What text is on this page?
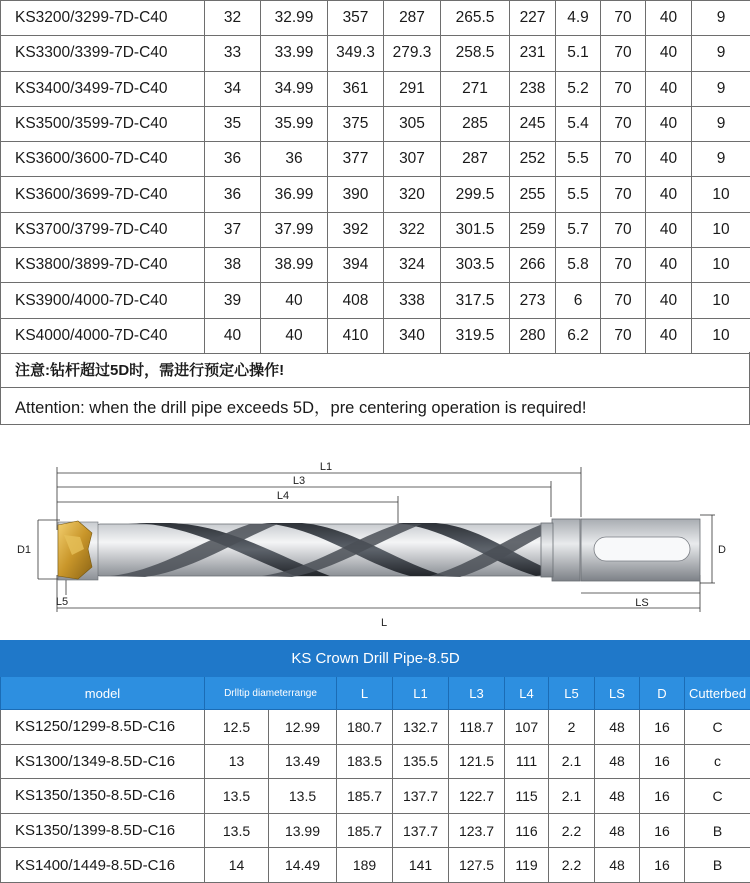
KS3200/3299-7D-C40	32	32.99	357	287	265.5	227	4.9	70	40	9
KS3300/3399-7D-C40	33	33.99	349.3	279.3	258.5	231	5.1	70	40	9
KS3400/3499-7D-C40	34	34.99	361	291	271	238	5.2	70	40	9
KS3500/3599-7D-C40	35	35.99	375	305	285	245	5.4	70	40	9
KS3600/3600-7D-C40	36	36	377	307	287	252	5.5	70	40	9
KS3600/3699-7D-C40	36	36.99	390	320	299.5	255	5.5	70	40	10
KS3700/3799-7D-C40	37	37.99	392	322	301.5	259	5.7	70	40	10
KS3800/3899-7D-C40	38	38.99	394	324	303.5	266	5.8	70	40	10
KS3900/4000-7D-C40	39	40	408	338	317.5	273	6	70	40	10
KS4000/4000-7D-C40	40	40	410	340	319.5	280	6.2	70	40	10
注意:钻杆超过5D时，需进行预定心操作!
Attention: when the drill pipe exceeds 5D，pre centering operation is required!
L1
L3
L4
D1	D
L5	LS
L
KS Crown Drill Pipe-8.5D										
model	Drlltip diameterrange		L	L1	L3	L4	L5	LS	D	Cutterbed
KS1250/1299-8.5D-C16	12.5	12.99	180.7	132.7	118.7	107	2	48	16	C
KS1300/1349-8.5D-C16	13	13.49	183.5	135.5	121.5	111	2.1	48	16	c
KS1350/1350-8.5D-C16	13.5	13.5	185.7	137.7	122.7	115	2.1	48	16	C
KS1350/1399-8.5D-C16	13.5	13.99	185.7	137.7	123.7	116	2.2	48	16	B
KS1400/1449-8.5D-C16	14	14.49	189	141	127.5	119	2.2	48	16	B
